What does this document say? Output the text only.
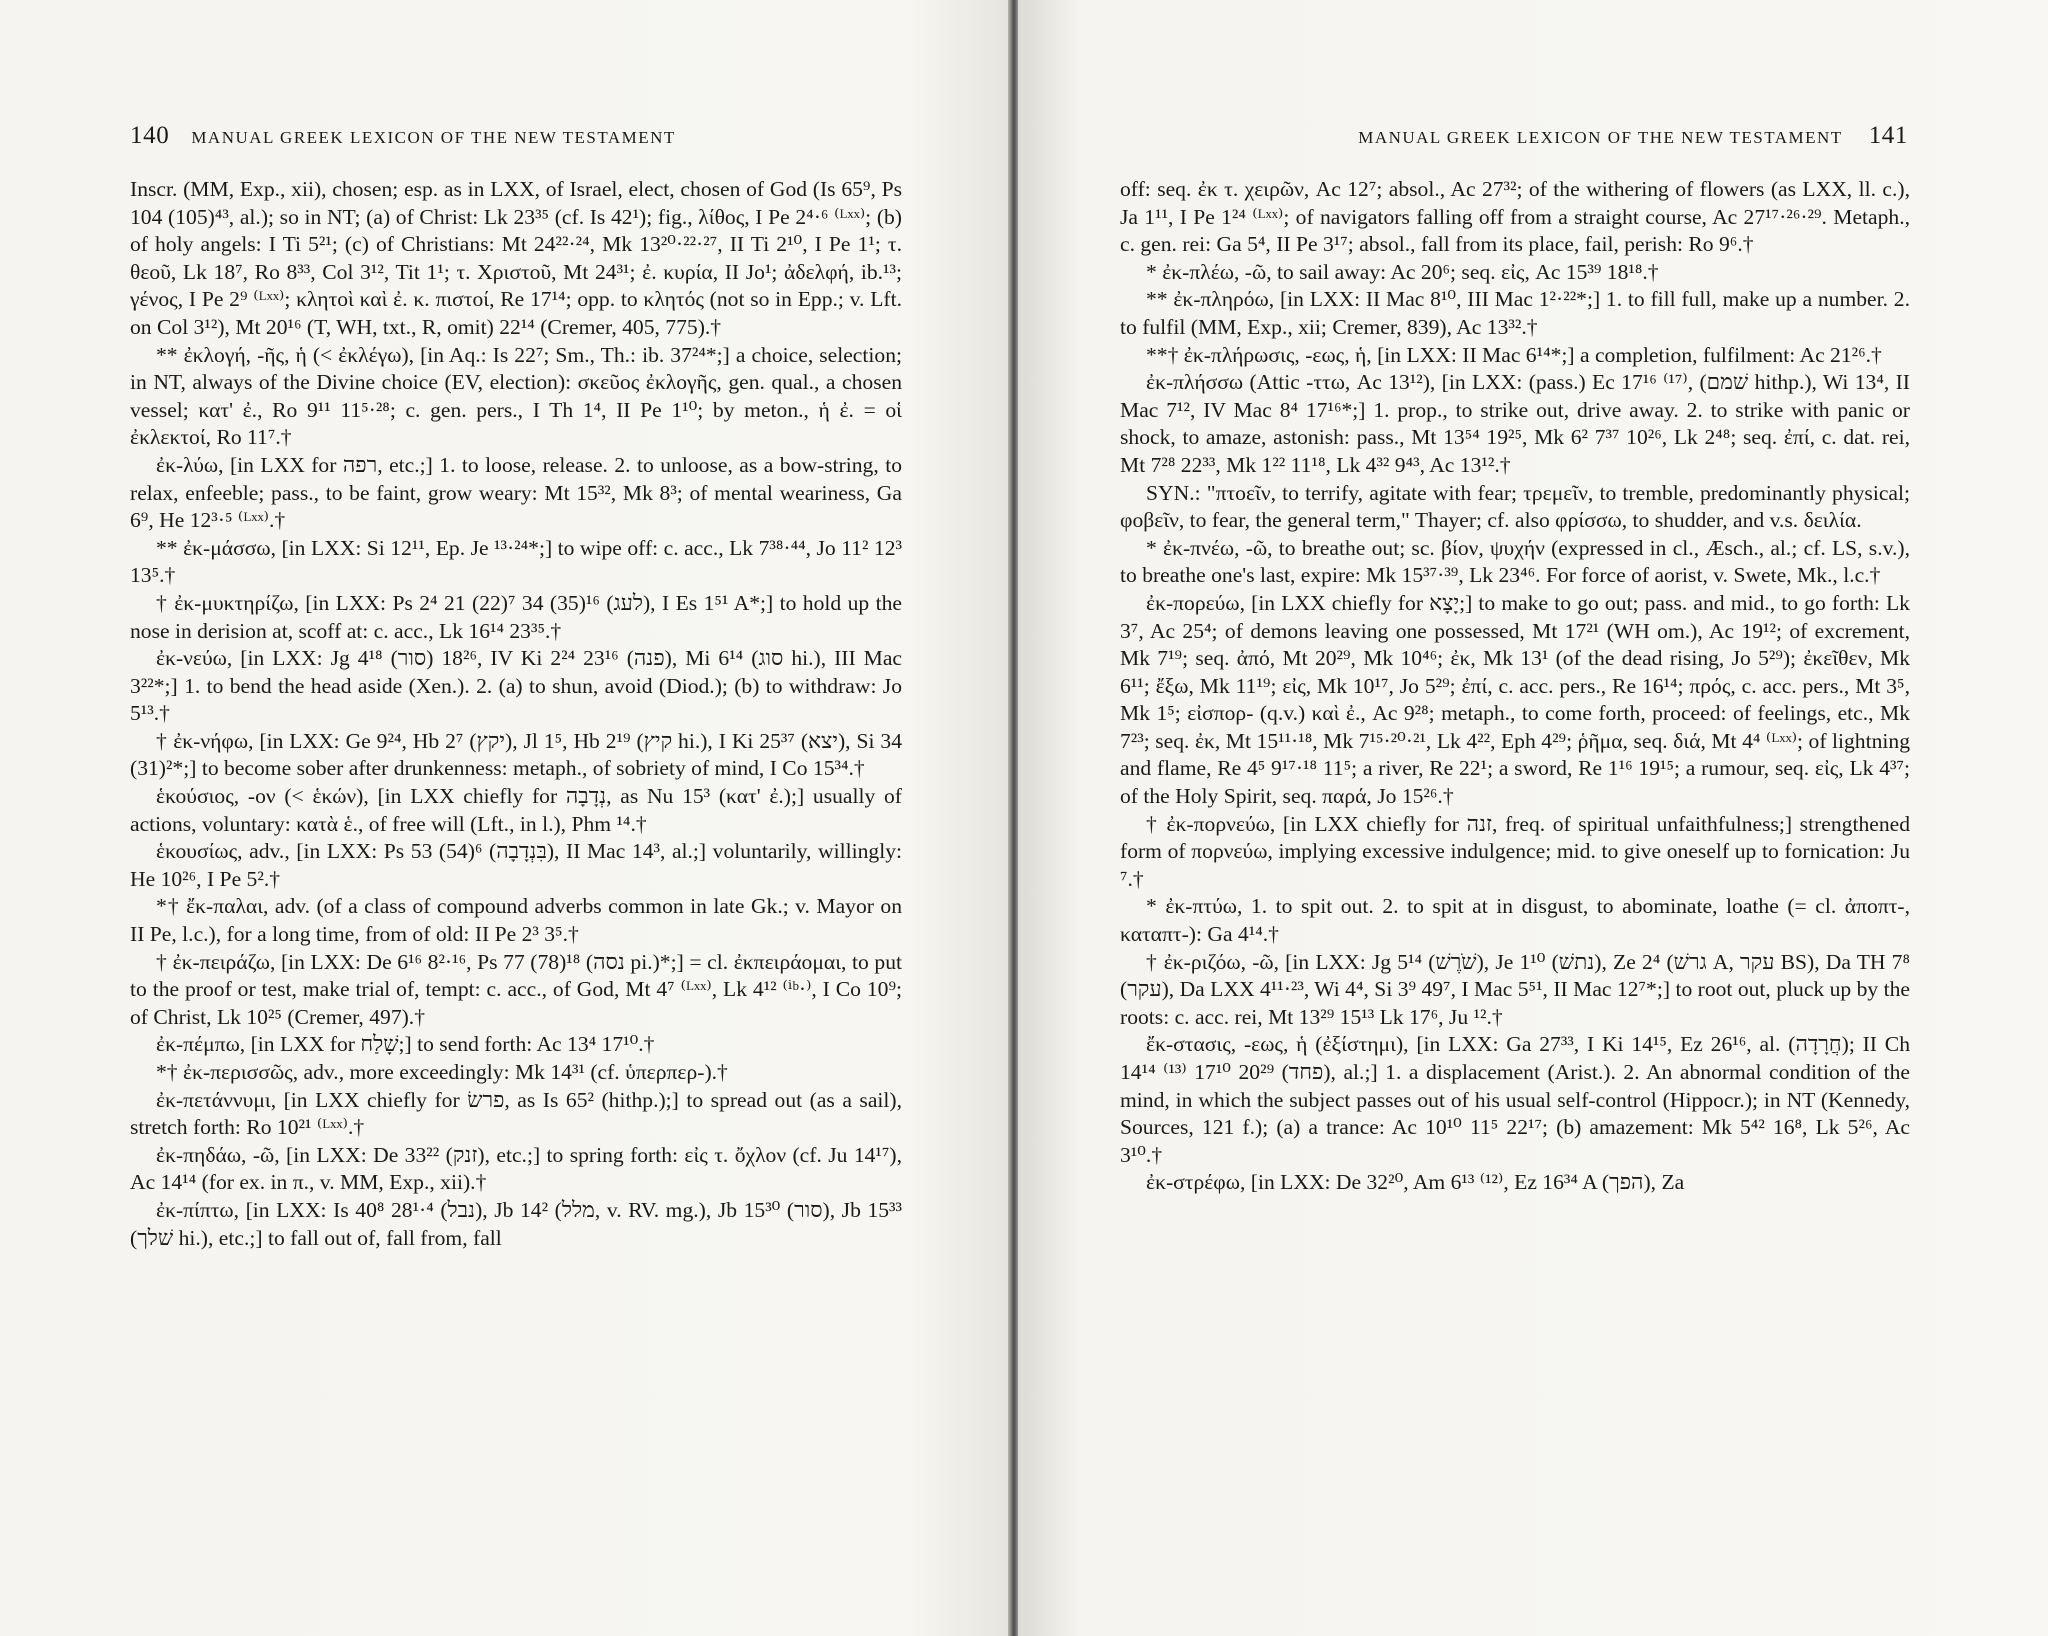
140 MANUAL GREEK LEXICON OF THE NEW TESTAMENT

Inscr. (MM, Exp., xii), chosen; esp. as in LXX, of Israel, elect, chosen of God (Is 65⁹, Ps 104 (105)⁴³, al.); so in NT; (a) of Christ: Lk 23³⁵ (cf. Is 42¹); fig., λίθος, I Pe 2⁴·⁶ ⁽ᴸˣˣ⁾; (b) of holy angels: I Ti 5²¹; (c) of Christians: Mt 24²²·²⁴, Mk 13²⁰·²²·²⁷, II Ti 2¹⁰, I Pe 1¹; τ. θεοῦ, Lk 18⁷, Ro 8³³, Col 3¹², Tit 1¹; τ. Χριστοῦ, Mt 24³¹; ἐ. κυρία, II Jo¹; ἀδελφή, ib.¹³; γένος, I Pe 2⁹ ⁽ᴸˣˣ⁾; κλητοὶ καὶ ἐ. κ. πιστοί, Re 17¹⁴; opp. to κλητός (not so in Epp.; v. Lft. on Col 3¹²), Mt 20¹⁶ (T, WH, txt., R, omit) 22¹⁴ (Cremer, 405, 775).†

** ἐκλογή, -ῆς, ἡ (< ἐκλέγω), [in Aq.: Is 22⁷; Sm., Th.: ib. 37²⁴*;] a choice, selection; in NT, always of the Divine choice (EV, election): σκεῦος ἐκλογῆς, gen. qual., a chosen vessel; κατ' ἐ., Ro 9¹¹ 11⁵·²⁸; c. gen. pers., I Th 1⁴, II Pe 1¹⁰; by meton., ἡ ἐ. = οἱ ἐκλεκτοί, Ro 11⁷.†

ἐκ-λύω, [in LXX for רפה, etc.;] 1. to loose, release. 2. to unloose, as a bow-string, to relax, enfeeble; pass., to be faint, grow weary: Mt 15³², Mk 8³; of mental weariness, Ga 6⁹, He 12³·⁵ ⁽ᴸˣˣ⁾.†

** ἐκ-μάσσω, [in LXX: Si 12¹¹, Ep. Je ¹³·²⁴*;] to wipe off: c. acc., Lk 7³⁸·⁴⁴, Jo 11² 12³ 13⁵.†

† ἐκ-μυκτηρίζω, [in LXX: Ps 2⁴ 21 (22)⁷ 34 (35)¹⁶ (לעג), I Es 1⁵¹ A*;] to hold up the nose in derision at, scoff at: c. acc., Lk 16¹⁴ 23³⁵.†

ἐκ-νεύω, [in LXX: Jg 4¹⁸ (סור) 18²⁶, IV Ki 2²⁴ 23¹⁶ (פנה), Mi 6¹⁴ (סוג hi.), III Mac 3²²*;] 1. to bend the head aside (Xen.). 2. (a) to shun, avoid (Diod.); (b) to withdraw: Jo 5¹³.†

† ἐκ-νήφω, [in LXX: Ge 9²⁴, Hb 2⁷ (יקץ), Jl 1⁵, Hb 2¹⁹ (קיץ hi.), I Ki 25³⁷ (יצא), Si 34 (31)²*;] to become sober after drunkenness: metaph., of sobriety of mind, I Co 15³⁴.†

ἑκούσιος, -ον (< ἑκών), [in LXX chiefly for נְדָבָה, as Nu 15³ (κατ' ἐ.);] usually of actions, voluntary: κατὰ ἑ., of free will (Lft., in l.), Phm ¹⁴.†

ἑκουσίως, adv., [in LXX: Ps 53 (54)⁶ (בִּנְדָבָה), II Mac 14³, al.;] voluntarily, willingly: He 10²⁶, I Pe 5².†

*† ἔκ-παλαι, adv. (of a class of compound adverbs common in late Gk.; v. Mayor on II Pe, l.c.), for a long time, from of old: II Pe 2³ 3⁵.†

† ἐκ-πειράζω, [in LXX: De 6¹⁶ 8²·¹⁶, Ps 77 (78)¹⁸ (נסה pi.)*;] = cl. ἐκπειράομαι, to put to the proof or test, make trial of, tempt: c. acc., of God, Mt 4⁷ ⁽ᴸˣˣ⁾, Lk 4¹² ⁽ⁱᵇ·⁾, I Co 10⁹; of Christ, Lk 10²⁵ (Cremer, 497).†

ἐκ-πέμπω, [in LXX for שָׁלַח;] to send forth: Ac 13⁴ 17¹⁰.†

*† ἐκ-περισσῶς, adv., more exceedingly: Mk 14³¹ (cf. ὑπερπερ-).†

ἐκ-πετάννυμι, [in LXX chiefly for פרשׂ, as Is 65² (hithp.);] to spread out (as a sail), stretch forth: Ro 10²¹ ⁽ᴸˣˣ⁾.†

ἐκ-πηδάω, -ῶ, [in LXX: De 33²² (זנק), etc.;] to spring forth: εἰς τ. ὄχλον (cf. Ju 14¹⁷), Ac 14¹⁴ (for ex. in π., v. MM, Exp., xii).†

ἐκ-πίπτω, [in LXX: Is 40⁸ 28¹·⁴ (נבל), Jb 14² (מלל, v. RV. mg.), Jb 15³⁰ (סור), Jb 15³³ (שׁלך hi.), etc.;] to fall out of, fall from, fall

MANUAL GREEK LEXICON OF THE NEW TESTAMENT 141

off: seq. ἐκ τ. χειρῶν, Ac 12⁷; absol., Ac 27³²; of the withering of flowers (as LXX, ll. c.), Ja 1¹¹, I Pe 1²⁴ ⁽ᴸˣˣ⁾; of navigators falling off from a straight course, Ac 27¹⁷·²⁶·²⁹. Metaph., c. gen. rei: Ga 5⁴, II Pe 3¹⁷; absol., fall from its place, fail, perish: Ro 9⁶.†

* ἐκ-πλέω, -ῶ, to sail away: Ac 20⁶; seq. εἰς, Ac 15³⁹ 18¹⁸.†

** ἐκ-πληρόω, [in LXX: II Mac 8¹⁰, III Mac 1²·²²*;] 1. to fill full, make up a number. 2. to fulfil (MM, Exp., xii; Cremer, 839), Ac 13³².†

**† ἐκ-πλήρωσις, -εως, ἡ, [in LXX: II Mac 6¹⁴*;] a completion, fulfilment: Ac 21²⁶.†

ἐκ-πλήσσω (Attic -ττω, Ac 13¹²), [in LXX: (pass.) Ec 17¹⁶ ⁽¹⁷⁾, (שׁמם hithp.), Wi 13⁴, II Mac 7¹², IV Mac 8⁴ 17¹⁶*;] 1. prop., to strike out, drive away. 2. to strike with panic or shock, to amaze, astonish: pass., Mt 13⁵⁴ 19²⁵, Mk 6² 7³⁷ 10²⁶, Lk 2⁴⁸; seq. ἐπί, c. dat. rei, Mt 7²⁸ 22³³, Mk 1²² 11¹⁸, Lk 4³² 9⁴³, Ac 13¹².†

SYN.: "πτοεῖν, to terrify, agitate with fear; τρεμεῖν, to tremble, predominantly physical; φοβεῖν, to fear, the general term," Thayer; cf. also φρίσσω, to shudder, and v.s. δειλία.

* ἐκ-πνέω, -ῶ, to breathe out; sc. βίον, ψυχήν (expressed in cl., Æsch., al.; cf. LS, s.v.), to breathe one's last, expire: Mk 15³⁷·³⁹, Lk 23⁴⁶. For force of aorist, v. Swete, Mk., l.c.†

ἐκ-πορεύω, [in LXX chiefly for יָצָא;] to make to go out; pass. and mid., to go forth: Lk 3⁷, Ac 25⁴; of demons leaving one possessed, Mt 17²¹ (WH om.), Ac 19¹²; of excrement, Mk 7¹⁹; seq. ἀπό, Mt 20²⁹, Mk 10⁴⁶; ἐκ, Mk 13¹ (of the dead rising, Jo 5²⁹); ἐκεῖθεν, Mk 6¹¹; ἔξω, Mk 11¹⁹; εἰς, Mk 10¹⁷, Jo 5²⁹; ἐπί, c. acc. pers., Re 16¹⁴; πρός, c. acc. pers., Mt 3⁵, Mk 1⁵; εἰσπορ- (q.v.) καὶ ἐ., Ac 9²⁸; metaph., to come forth, proceed: of feelings, etc., Mk 7²³; seq. ἐκ, Mt 15¹¹·¹⁸, Mk 7¹⁵·²⁰·²¹, Lk 4²², Eph 4²⁹; ῥῆμα, seq. διά, Mt 4⁴ ⁽ᴸˣˣ⁾; of lightning and flame, Re 4⁵ 9¹⁷·¹⁸ 11⁵; a river, Re 22¹; a sword, Re 1¹⁶ 19¹⁵; a rumour, seq. εἰς, Lk 4³⁷; of the Holy Spirit, seq. παρά, Jo 15²⁶.†

† ἐκ-πορνεύω, [in LXX chiefly for זנה, freq. of spiritual unfaithfulness;] strengthened form of πορνεύω, implying excessive indulgence; mid. to give oneself up to fornication: Ju ⁷.†

* ἐκ-πτύω, 1. to spit out. 2. to spit at in disgust, to abominate, loathe (= cl. ἀποπτ-, καταπτ-): Ga 4¹⁴.†

† ἐκ-ριζόω, -ῶ, [in LXX: Jg 5¹⁴ (שֹׁרֶשׁ), Je 1¹⁰ (נתשׁ), Ze 2⁴ (גרשׁ A, עקר BS), Da TH 7⁸ (עקר), Da LXX 4¹¹·²³, Wi 4⁴, Si 3⁹ 49⁷, I Mac 5⁵¹, II Mac 12⁷*;] to root out, pluck up by the roots: c. acc. rei, Mt 13²⁹ 15¹³ Lk 17⁶, Ju ¹².†

ἔκ-στασις, -εως, ἡ (ἐξίστημι), [in LXX: Ga 27³³, I Ki 14¹⁵, Ez 26¹⁶, al. (חֲרָדָה); II Ch 14¹⁴ ⁽¹³⁾ 17¹⁰ 20²⁹ (פחד), al.;] 1. a displacement (Arist.). 2. An abnormal condition of the mind, in which the subject passes out of his usual self-control (Hippocr.); in NT (Kennedy, Sources, 121 f.); (a) a trance: Ac 10¹⁰ 11⁵ 22¹⁷; (b) amazement: Mk 5⁴² 16⁸, Lk 5²⁶, Ac 3¹⁰.†

ἐκ-στρέφω, [in LXX: De 32²⁰, Am 6¹³ ⁽¹²⁾, Ez 16³⁴ A (הפך), Za
